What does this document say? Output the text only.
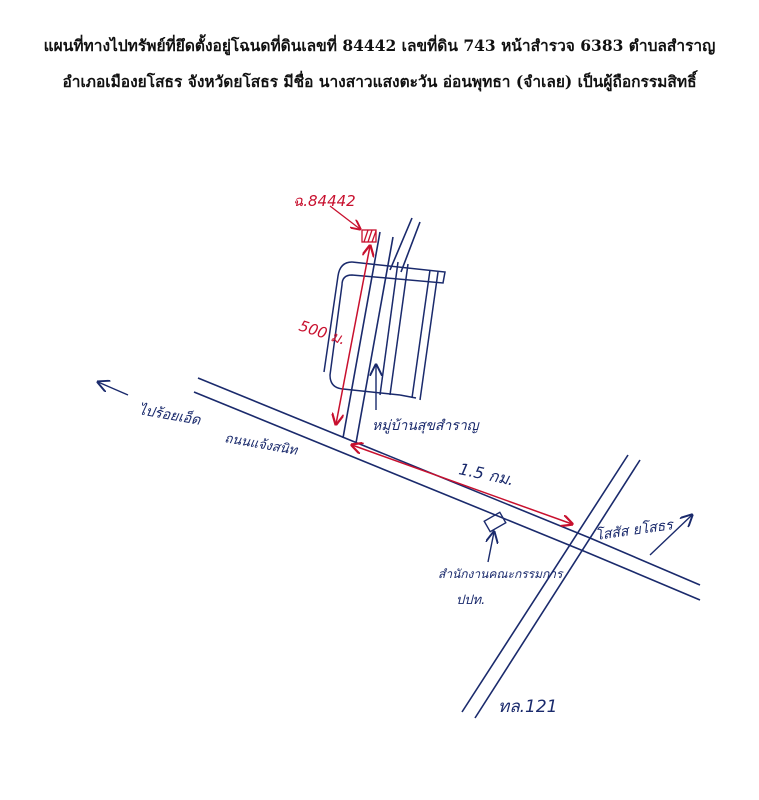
แผนที่ทางไปทรัพย์ที่ยึดตั้งอยู่โฉนดที่ดินเลขที่ 84442 เลขที่ดิน 743 หน้าสำรวจ 6383 ตำบลสำราญ
อำเภอเมืองยโสธร จังหวัดยโสธร มีชื่อ นางสาวแสงตะวัน อ่อนพุทธา (จำเลย) เป็นผู้ถือกรรมสิทธิ์
ฉ.84442
500 ม.
1.5 กม.
หมู่บ้านสุขสำราญ
ถนนแจ้งสนิท
ไปร้อยเอ็ด
โสสัส ยโสธร
สำนักงานคณะกรรมการ
ปปท.
ทล.121
